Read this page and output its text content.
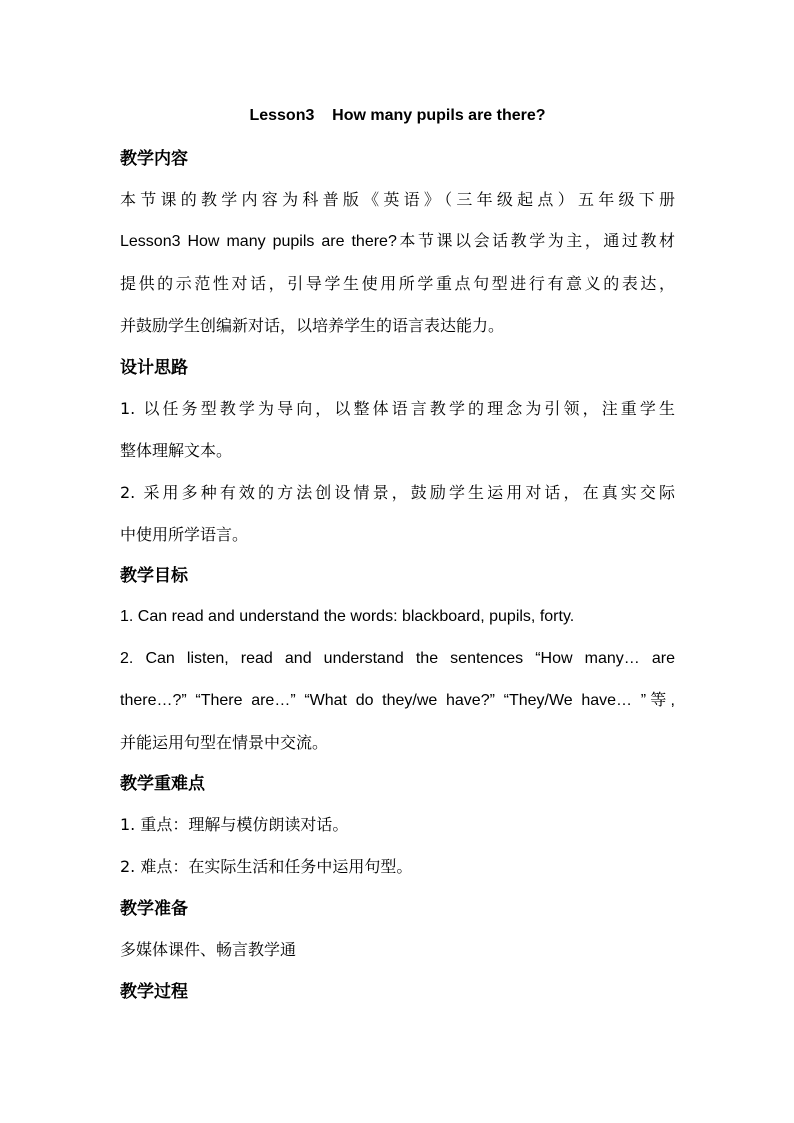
Lesson3    How many pupils are there?
教学内容
本节课的教学内容为科普版《英语》（三年级起点）五年级下册
Lesson3 How many pupils are there?本节课以会话教学为主，通过教材
提供的示范性对话，引导学生使用所学重点句型进行有意义的表达，
并鼓励学生创编新对话，以培养学生的语言表达能力。
设计思路
1. 以任务型教学为导向，以整体语言教学的理念为引领，注重学生
整体理解文本。
2. 采用多种有效的方法创设情景，鼓励学生运用对话，在真实交际
中使用所学语言。
教学目标
1. Can read and understand the words: blackboard, pupils, forty.
2.  Can  listen,  read  and  understand  the  sentences  “How  many…  are
there…?” “There are…” “What do they/we have?” “They/We have… ”等,
并能运用句型在情景中交流。
教学重难点
1. 重点：理解与模仿朗读对话。
2. 难点：在实际生活和任务中运用句型。
教学准备
多媒体课件、畅言教学通
教学过程
